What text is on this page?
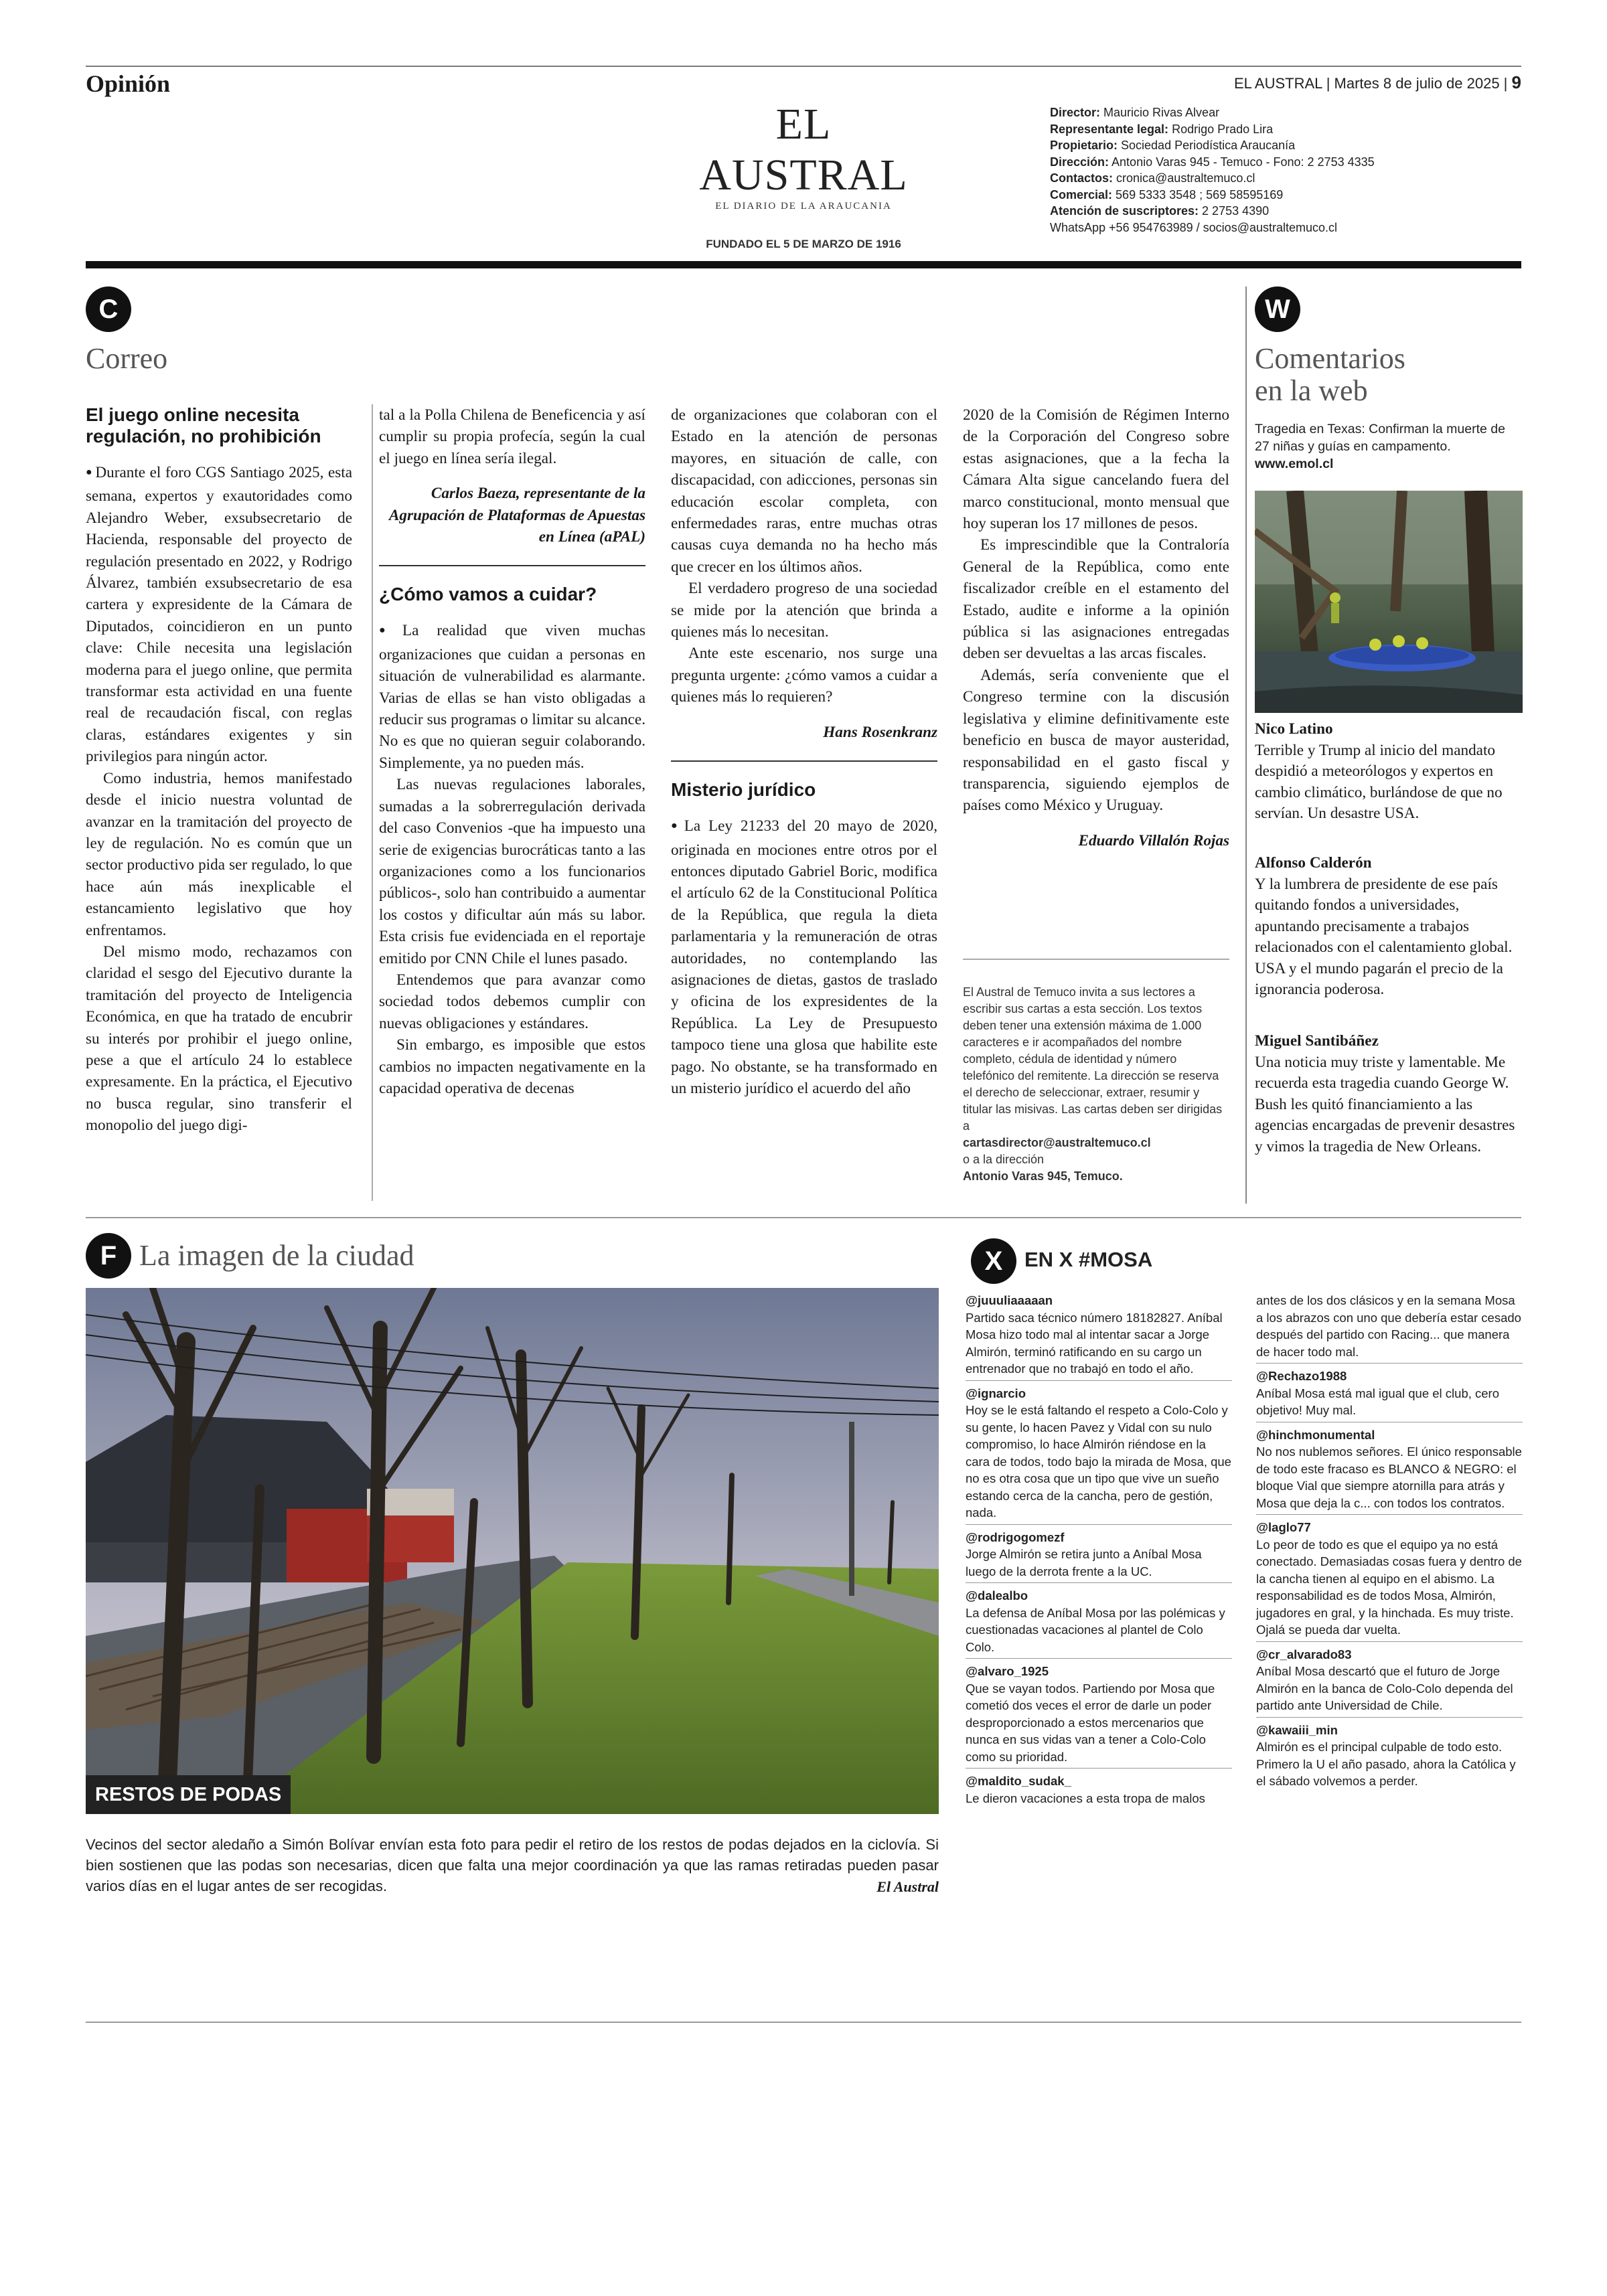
Opinión	EL AUSTRAL | Martes 8 de julio de 2025 | 9
EL AUSTRAL
EL DIARIO DE LA ARAUCANIA
FUNDADO EL 5 DE MARZO DE 1916
Director: Mauricio Rivas Alvear
Representante legal: Rodrigo Prado Lira
Propietario: Sociedad Periodística Araucanía
Dirección: Antonio Varas 945 - Temuco - Fono: 2 2753 4335
Contactos: cronica@australtemuco.cl
Comercial: 569 5333 3548 ; 569 58595169
Atención de suscriptores: 2 2753 4390
WhatsApp +56 954763989 / socios@australtemuco.cl
C
Correo

El juego online necesita regulación, no prohibición

● Durante el foro CGS Santiago 2025, esta semana, expertos y exautoridades como Alejandro Weber, exsubsecretario de Hacienda, responsable del proyecto de regulación presentado en 2022, y Rodrigo Álvarez, también exsubsecretario de esa cartera y expresidente de la Cámara de Diputados, coincidieron en un punto clave: Chile necesita una legislación moderna para el juego online, que permita transformar esta actividad en una fuente real de recaudación fiscal, con reglas claras, estándares exigentes y sin privilegios para ningún actor.

Como industria, hemos manifestado desde el inicio nuestra voluntad de avanzar en la tramitación del proyecto de ley de regulación. No es común que un sector productivo pida ser regulado, lo que hace aún más inexplicable el estancamiento legislativo que hoy enfrentamos.

Del mismo modo, rechazamos con claridad el sesgo del Ejecutivo durante la tramitación del proyecto de Inteligencia Económica, en que ha tratado de encubrir su interés por prohibir el juego online, pese a que el artículo 24 lo establece expresamente. En la práctica, el Ejecutivo no busca regular, sino transferir el monopolio del juego digi-

tal a la Polla Chilena de Beneficencia y así cumplir su propia profecía, según la cual el juego en línea sería ilegal.

Carlos Baeza, representante de la Agrupación de Plataformas de Apuestas en Línea (aPAL)

¿Cómo vamos a cuidar?

● La realidad que viven muchas organizaciones que cuidan a personas en situación de vulnerabilidad es alarmante. Varias de ellas se han visto obligadas a reducir sus programas o limitar su alcance. No es que no quieran seguir colaborando. Simplemente, ya no pueden más.

Las nuevas regulaciones laborales, sumadas a la sobrerregulación derivada del caso Convenios -que ha impuesto una serie de exigencias burocráticas tanto a las organizaciones como a los funcionarios públicos-, solo han contribuido a aumentar los costos y dificultar aún más su labor. Esta crisis fue evidenciada en el reportaje emitido por CNN Chile el lunes pasado.

Entendemos que para avanzar como sociedad todos debemos cumplir con nuevas obligaciones y estándares.

Sin embargo, es imposible que estos cambios no impacten negativamente en la capacidad operativa de decenas

de organizaciones que colaboran con el Estado en la atención de personas mayores, en situación de calle, con discapacidad, con adicciones, personas sin educación escolar completa, con enfermedades raras, entre muchas otras causas cuya demanda no ha hecho más que crecer en los últimos años.

El verdadero progreso de una sociedad se mide por la atención que brinda a quienes más lo necesitan.

Ante este escenario, nos surge una pregunta urgente: ¿cómo vamos a cuidar a quienes más lo requieren?

Hans Rosenkranz

Misterio jurídico

● La Ley 21233 del 20 mayo de 2020, originada en mociones entre otros por el entonces diputado Gabriel Boric, modifica el artículo 62 de la Constitucional Política de la República, que regula la dieta parlamentaria y la remuneración de otras autoridades, no contemplando las asignaciones de dietas, gastos de traslado y oficina de los expresidentes de la República. La Ley de Presupuesto tampoco tiene una glosa que habilite este pago. No obstante, se ha transformado en un misterio jurídico el acuerdo del año

2020 de la Comisión de Régimen Interno de la Corporación del Congreso sobre estas asignaciones, que a la fecha la Cámara Alta sigue cancelando fuera del marco constitucional, monto mensual que hoy superan los 17 millones de pesos.

Es imprescindible que la Contraloría General de la República, como ente fiscalizador creíble en el estamento del Estado, audite e informe a la opinión pública si las asignaciones entregadas deben ser devueltas a las arcas fiscales.

Además, sería conveniente que el Congreso termine con la discusión legislativa y elimine definitivamente este beneficio en busca de mayor austeridad, responsabilidad en el gasto fiscal y transparencia, siguiendo ejemplos de países como México y Uruguay.

Eduardo Villalón Rojas

El Austral de Temuco invita a sus lectores a escribir sus cartas a esta sección. Los textos deben tener una extensión máxima de 1.000 caracteres e ir acompañados del nombre completo, cédula de identidad y número telefónico del remitente. La dirección se reserva el derecho de seleccionar, extraer, resumir y titular las misivas. Las cartas deben ser dirigidas a
cartasdirector@australtemuco.cl
o a la dirección
Antonio Varas 945, Temuco.
W
Comentarios
en la web
Tragedia en Texas: Confirman la muerte de 27 niñas y guías en campamento.
www.emol.cl
Nico Latino
Terrible y Trump al inicio del mandato despidió a meteorólogos y expertos en cambio climático, burlándose de que no servían. Un desastre USA.
Alfonso Calderón
Y la lumbrera de presidente de ese país quitando fondos a universidades, apuntando precisamente a trabajos relacionados con el calentamiento global. USA y el mundo pagarán el precio de la ignorancia poderosa.
Miguel Santibáñez
Una noticia muy triste y lamentable. Me recuerda esta tragedia cuando George W. Bush les quitó financiamiento a las agencias encargadas de prevenir desastres y vimos la tragedia de New Orleans.
F La imagen de la ciudad
RESTOS DE PODAS
Vecinos del sector aledaño a Simón Bolívar envían esta foto para pedir el retiro de los restos de podas dejados en la ciclovía. Si bien sostienen que las podas son necesarias, dicen que falta una mejor coordinación ya que las ramas retiradas pueden pasar varios días en el lugar antes de ser recogidas.	El Austral
X	EN X #MOSA
@juuuliaaaaan
Partido saca técnico número 18182827. Aníbal Mosa hizo todo mal al intentar sacar a Jorge Almirón, terminó ratificando en su cargo un entrenador que no trabajó en todo el año.
@ignarcio
Hoy se le está faltando el respeto a Colo-Colo y su gente, lo hacen Pavez y Vidal con su nulo compromiso, lo hace Almirón riéndose en la cara de todos, todo bajo la mirada de Mosa, que no es otra cosa que un tipo que vive un sueño estando cerca de la cancha, pero de gestión, nada.
@rodrigogomezf
Jorge Almirón se retira junto a Aníbal Mosa luego de la derrota frente a la UC.
@dalealbo
La defensa de Aníbal Mosa por las polémicas y cuestionadas vacaciones al plantel de Colo Colo.
@alvaro_1925
Que se vayan todos. Partiendo por Mosa que cometió dos veces el error de darle un poder desproporcionado a estos mercenarios que nunca en sus vidas van a tener a Colo-Colo como su prioridad.
@maldito_sudak_
Le dieron vacaciones a esta tropa de malos
antes de los dos clásicos y en la semana Mosa a los abrazos con uno que debería estar cesado después del partido con Racing... que manera de hacer todo mal.
@Rechazo1988
Aníbal Mosa está mal igual que el club, cero objetivo! Muy mal.
@hinchmonumental
No nos nublemos señores. El único responsable de todo este fracaso es BLANCO & NEGRO: el bloque Vial que siempre atornilla para atrás y Mosa que deja la c... con todos los contratos.
@laglo77
Lo peor de todo es que el equipo ya no está conectado. Demasiadas cosas fuera y dentro de la cancha tienen al equipo en el abismo. La responsabilidad es de todos Mosa, Almirón, jugadores en gral, y la hinchada. Es muy triste. Ojalá se pueda dar vuelta.
@cr_alvarado83
Aníbal Mosa descartó que el futuro de Jorge Almirón en la banca de Colo-Colo dependa del partido ante Universidad de Chile.
@kawaiii_min
Almirón es el principal culpable de todo esto. Primero la U el año pasado, ahora la Católica y el sábado volvemos a perder.
